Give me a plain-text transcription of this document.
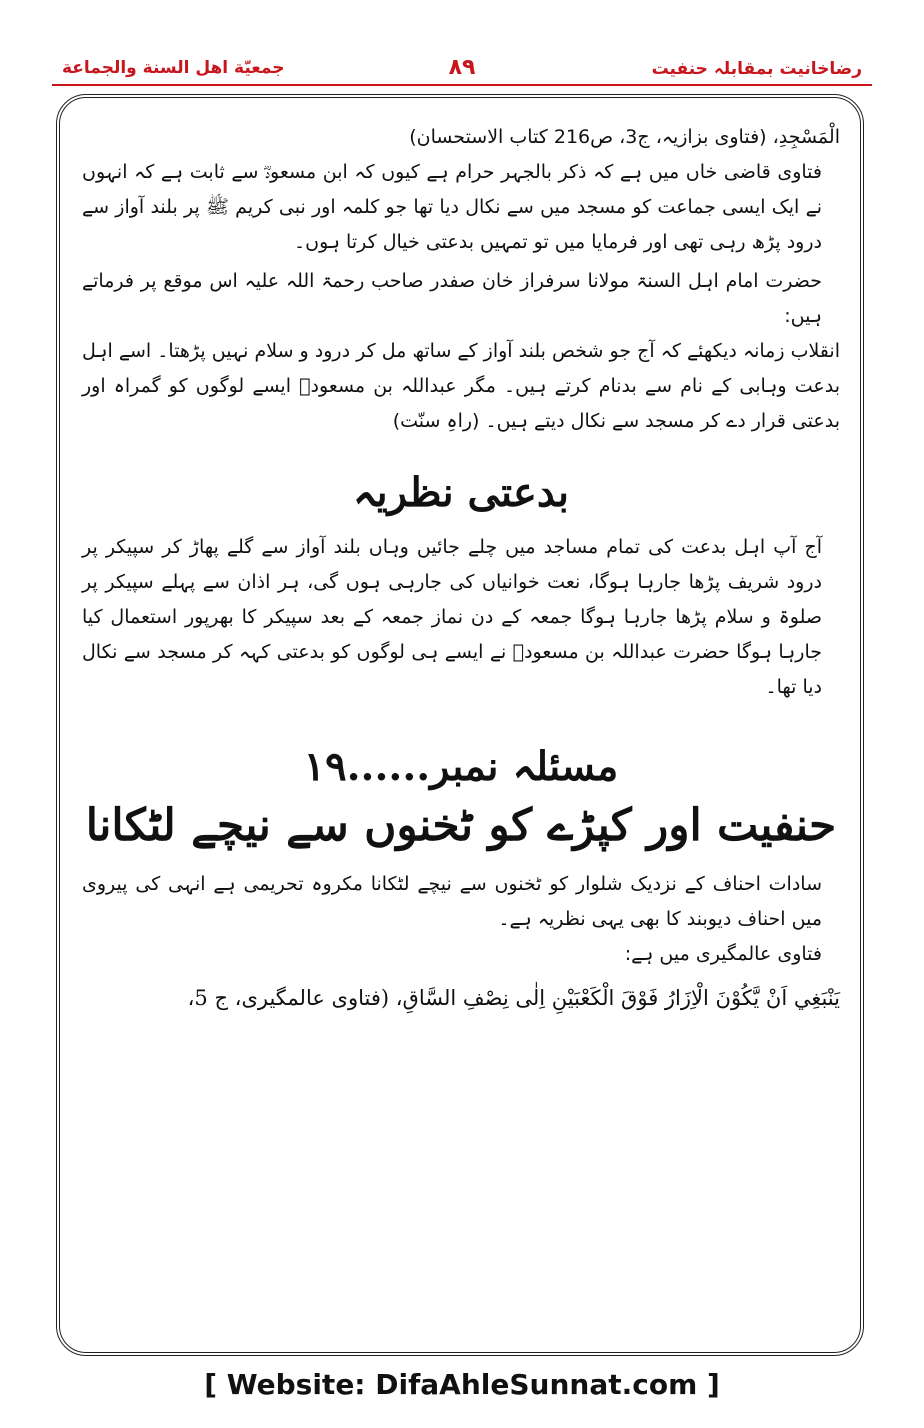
جمعيّة اهل السنة والجماعة	٨٩	رضاخانیت بمقابلہ حنفیت

الْمَسْجِدِ، (فتاوی بزازیہ، ج3، ص216 کتاب الاستحسان)

فتاوی قاضی خاں میں ہے کہ ذکر بالجہر حرام ہے کیوں کہ ابن مسعودؓ سے ثابت ہے کہ انہوں نے ایک ایسی جماعت کو مسجد میں سے نکال دیا تھا جو کلمہ اور نبی کریم ﷺ پر بلند آواز سے درود پڑھ رہی تھی اور فرمایا میں تو تمہیں بدعتی خیال کرتا ہوں۔

حضرت امام اہل السنۃ مولانا سرفراز خان صفدر صاحب رحمۃ اللہ علیہ اس موقع پر فرماتے ہیں:

انقلاب زمانہ دیکھئے کہ آج جو شخص بلند آواز کے ساتھ مل کر درود و سلام نہیں پڑھتا۔ اسے اہل بدعت وہابی کے نام سے بدنام کرتے ہیں۔ مگر عبداللہ بن مسعودؓ ایسے لوگوں کو گمراہ اور بدعتی قرار دے کر مسجد سے نکال دیتے ہیں۔ (راہِ سنّت)

بدعتی نظریہ

آج آپ اہل بدعت کی تمام مساجد میں چلے جائیں وہاں بلند آواز سے گلے پھاڑ کر سپیکر پر درود شریف پڑھا جارہا ہوگا، نعت خوانیاں کی جارہی ہوں گی، ہر اذان سے پہلے سپیکر پر صلوۃ و سلام پڑھا جارہا ہوگا جمعہ کے دن نماز جمعہ کے بعد سپیکر کا بھرپور استعمال کیا جارہا ہوگا حضرت عبداللہ بن مسعودؓ نے ایسے ہی لوگوں کو بدعتی کہہ کر مسجد سے نکال دیا تھا۔

مسئلہ نمبر......١٩
حنفیت اور کپڑے کو ٹخنوں سے نیچے لٹکانا

سادات احناف کے نزدیک شلوار کو ٹخنوں سے نیچے لٹکانا مکروہ تحریمی ہے انہی کی پیروی میں احناف دیوبند کا بھی یہی نظریہ ہے۔

فتاوی عالمگیری میں ہے:

يَنْبَغِي اَنْ يَّكُوْنَ الْاِزَارُ فَوْقَ الْكَعْبَيْنِ اِلٰى نِصْفِ السَّاقِ، (فتاوی عالمگیری، ج 5،

[ Website: DifaAhleSunnat.com ]
